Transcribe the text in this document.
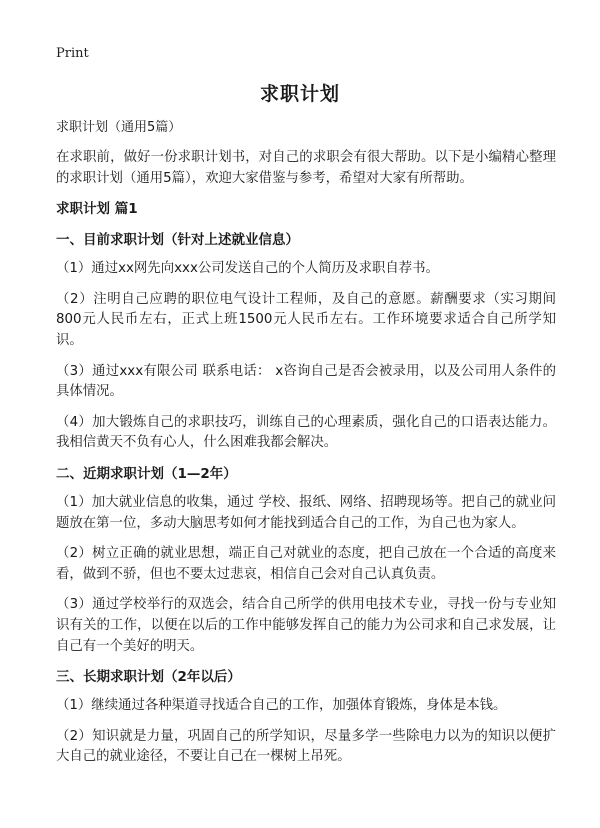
Print
求职计划
求职计划（通用5篇）

在求职前，做好一份求职计划书，对自己的求职会有很大帮助。以下是小编精心整理的求职计划（通用5篇），欢迎大家借鉴与参考，希望对大家有所帮助。

求职计划 篇1
一、目前求职计划（针对上述就业信息）

（1）通过xx网先向xxx公司发送自己的个人简历及求职自荐书。

（2）注明自己应聘的职位电气设计工程师，及自己的意愿。薪酬要求（实习期间800元人民币左右，正式上班1500元人民币左右。工作环境要求适合自己所学知识。

（3）通过xxx有限公司 联系电话： x咨询自己是否会被录用，以及公司用人条件的具体情况。

（4）加大锻炼自己的求职技巧，训练自己的心理素质，强化自己的口语表达能力。我相信黄天不负有心人，什么困难我都会解决。

二、近期求职计划（1—2年）

（1）加大就业信息的收集，通过 学校、报纸、网络、招聘现场等。把自己的就业问题放在第一位，多动大脑思考如何才能找到适合自己的工作，为自己也为家人。

（2）树立正确的就业思想，端正自己对就业的态度，把自己放在一个合适的高度来看，做到不骄，但也不要太过悲哀，相信自己会对自己认真负责。

（3）通过学校举行的双选会，结合自己所学的供用电技术专业，寻找一份与专业知识有关的工作，以便在以后的工作中能够发挥自己的能力为公司求和自己求发展，让自己有一个美好的明天。

三、长期求职计划（2年以后）

（1）继续通过各种渠道寻找适合自己的工作，加强体育锻炼，身体是本钱。

（2）知识就是力量，巩固自己的所学知识，尽量多学一些除电力以为的知识以便扩大自己的就业途径，不要让自己在一棵树上吊死。
